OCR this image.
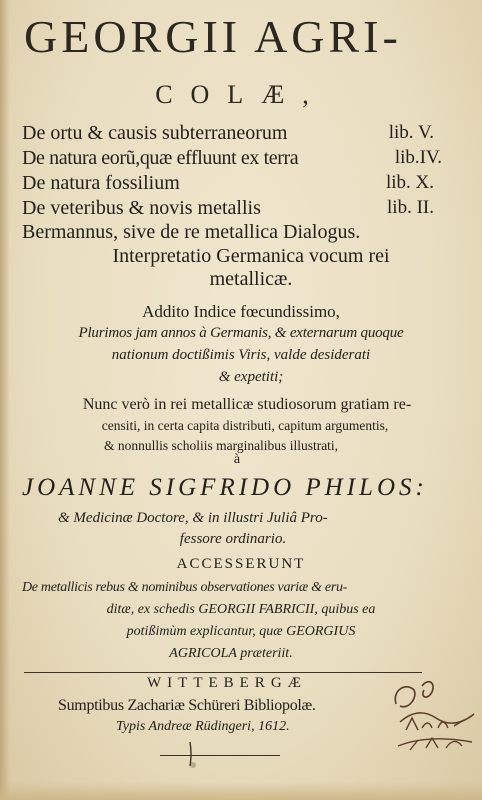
GEORGII AGRI-
COLÆ,
De ortu & causis subterraneorum	lib. V.
De natura eorũ,quæ effluunt ex terra	lib.IV.
De natura fossilium	lib. X.
De veteribus & novis metallis	lib. II.
Bermannus, sive de re metallica Dialogus.
Interpretatio Germanica vocum rei
metallicæ.
Addito Indice fœcundissimo,
Plurimos jam annos à Germanis, & externarum quoque
nationum doctißimis Viris, valde desiderati
& expetiti;
Nunc verò in rei metallicæ studiosorum gratiam re-
censiti, in certa capita distributi, capitum argumentis,
& nonnullis scholiis marginalibus illustrati,
à
JOANNE SIGFRIDO PHILOS:
& Medicinæ Doctore, & in illustri Juliâ Pro-
fessore ordinario.
ACCESSERUNT
De metallicis rebus & nominibus observationes variæ & eru-
ditæ, ex schedis GEORGII FABRICII, quibus ea
potißimùm explicantur, quæ GEORGIUS
AGRICOLA præteriit.
WITTEBERGÆ
Sumptibus Zachariæ Schüreri Bibliopolæ.
Typis Andreæ Rüdingeri, 1612.
